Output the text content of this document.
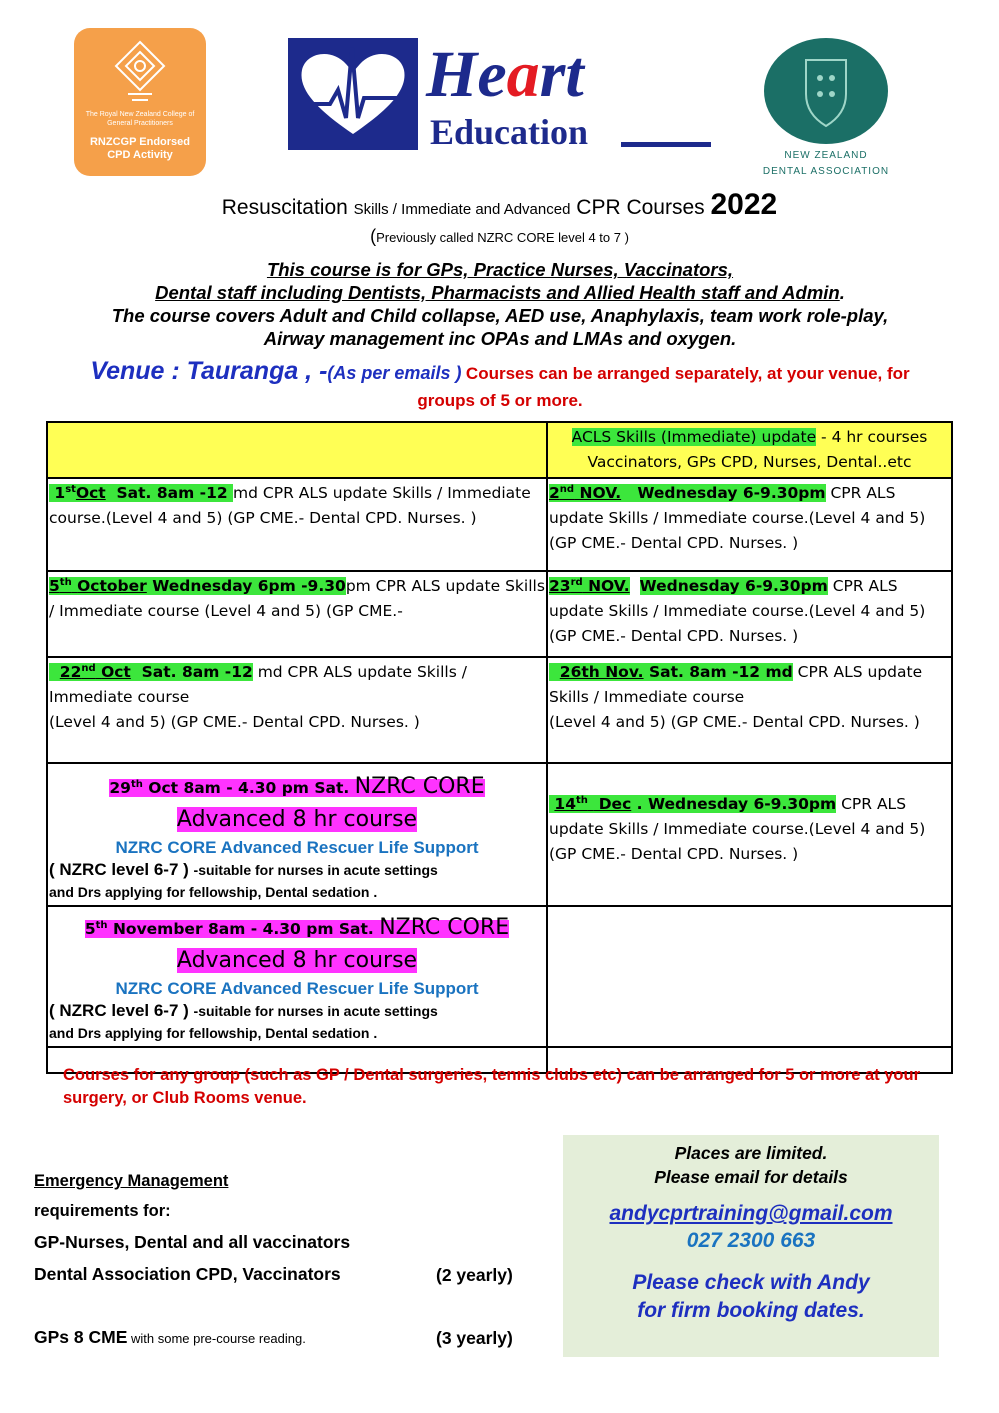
The Royal New Zealand College of General Practitioners
RNZCGP Endorsed CPD Activity
Heart
Education
NEW ZEALAND
DENTAL ASSOCIATION
Resuscitation Skills / Immediate and Advanced CPR Courses 2022
(Previously called NZRC CORE level 4 to 7 )
This course is for GPs, Practice Nurses, Vaccinators,
Dental staff including Dentists, Pharmacists and Allied Health staff and Admin.
The course covers Adult and Child collapse, AED use, Anaphylaxis, team work role-play,
Airway management inc OPAs and LMAs and oxygen.
Venue : Tauranga , -(As per emails ) Courses can be arranged separately, at your venue, for groups of 5 or more.
	ACLS Skills (Immediate) update - 4 hr courses
Vaccinators, GPs CPD, Nurses, Dental..etc
1stOct  Sat. 8am -12 md CPR ALS update Skills / Immediate course.(Level 4 and 5) (GP CME.- Dental CPD. Nurses. )	2nd NOV. Wednesday 6-9.30pm CPR ALS update Skills / Immediate course.(Level 4 and 5) (GP CME.- Dental CPD. Nurses. )
5th October Wednesday 6pm -9.30pm CPR ALS update Skills / Immediate course (Level 4 and 5) (GP CME.-	23rd NOV. Wednesday 6-9.30pm CPR ALS update Skills / Immediate course.(Level 4 and 5) (GP CME.- Dental CPD. Nurses. )
22nd Oct  Sat. 8am -12 md CPR ALS update Skills / Immediate course
(Level 4 and 5) (GP CME.- Dental CPD. Nurses. )	26th Nov. Sat. 8am -12 md CPR ALS update Skills / Immediate course
(Level 4 and 5) (GP CME.- Dental CPD. Nurses. )

29th Oct 8am - 4.30 pm Sat. NZRC CORE
Advanced 8 hr course
NZRC CORE Advanced Rescuer Life Support
( NZRC level 6-7 ) -suitable for nurses in acute settings
and Drs applying for fellowship, Dental sedation .	14th  Dec . Wednesday 6-9.30pm CPR ALS update Skills / Immediate course.(Level 4 and 5) (GP CME.- Dental CPD. Nurses. )

5th November 8am - 4.30 pm Sat. NZRC CORE
Advanced 8 hr course
NZRC CORE Advanced Rescuer Life Support
( NZRC level 6-7 ) -suitable for nurses in acute settings
and Drs applying for fellowship, Dental sedation .	

Courses for any group (such as GP / Dental surgeries, tennis clubs etc) can be arranged for 5 or more at your surgery, or Club Rooms venue.
Emergency Management
requirements for:
GP-Nurses, Dental and all vaccinators
Dental Association CPD, Vaccinators	(2 yearly)
GPs 8 CME with some pre-course reading.	(3 yearly)
Places are limited.
Please email for details
andycprtraining@gmail.com
027 2300 663
Please check with Andy
for firm booking dates.
